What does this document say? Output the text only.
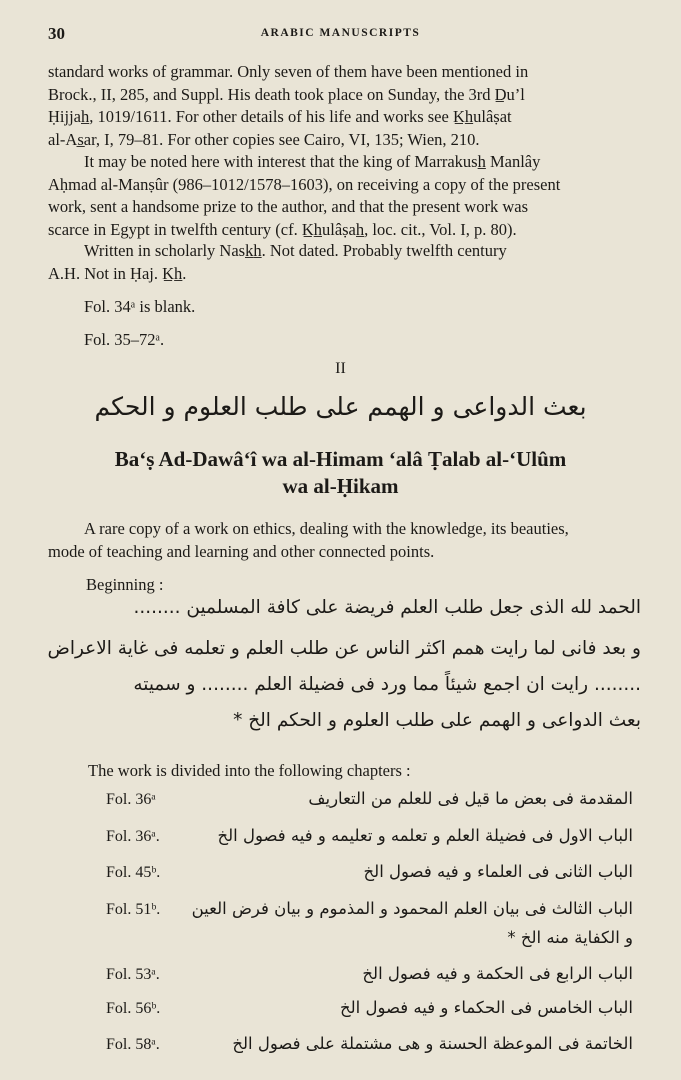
30	ARABIC MANUSCRIPTS
standard works of grammar. Only seven of them have been mentioned in
Brock., II, 285, and Suppl. His death took place on Sunday, the 3rd D̲u’l
Ḥijjah̲, 1019/1611. For other details of his life and works see K̲h̲ulâṣat
al-As̲ar, I, 79–81. For other copies see Cairo, VI, 135; Wien, 210.
It may be noted here with interest that the king of Marrakush̲ Manlây
Aḥmad al-Manṣûr (986–1012/1578–1603), on receiving a copy of the present
work, sent a handsome prize to the author, and that the present work was
scarce in Egypt in twelfth century (cf. K̲h̲ulâṣah̲, loc. cit., Vol. I, p. 80).
Written in scholarly Nask̲h̲. Not dated. Probably twelfth century
A.H. Not in Ḥaj. K̲h̲.
Fol. 34ᵃ is blank.
Fol. 35–72ᵃ.
II
بعث الدواعی و الهمم علی طلب العلوم و الحکم
Ba‘ṣ Ad-Dawâ‘î wa al-Himam ‘alâ Ṭalab al-‘Ulûm
wa al-Ḥikam
A rare copy of a work on ethics, dealing with the knowledge, its beauties,
mode of teaching and learning and other connected points.
Beginning :
الحمد لله الذی جعل طلب العلم فریضة علی کافة المسلمین ........
و بعد فانی لما رایت همم اکثر الناس عن طلب العلم و تعلمه فی غایة الاعراض
........ رایت ان اجمع شیئاً مما ورد فی فضیلة العلم ........ و سمیته
بعث الدواعی و الهمم علی طلب العلوم و الحکم الخ *
The work is divided into the following chapters :
Fol. 36ᵃ	المقدمة فی بعض ما قیل فی للعلم من التعاریف
Fol. 36ᵃ.	الباب الاول فی فضیلة العلم و تعلمه و تعلیمه و فیه فصول الخ
Fol. 45ᵇ.	الباب الثانی فی العلماء و فیه فصول الخ
Fol. 51ᵇ. الباب الثالث فی بیان العلم المحمود و المذموم و بیان فرض العین
و الکفایة منه الخ *
Fol. 53ᵃ.	الباب الرابع فی الحکمة و فیه فصول الخ
Fol. 56ᵇ.	الباب الخامس فی الحکماء و فیه فصول الخ
Fol. 58ᵃ.	الخاتمة فی الموعظة الحسنة و هی مشتملة علی فصول الخ
